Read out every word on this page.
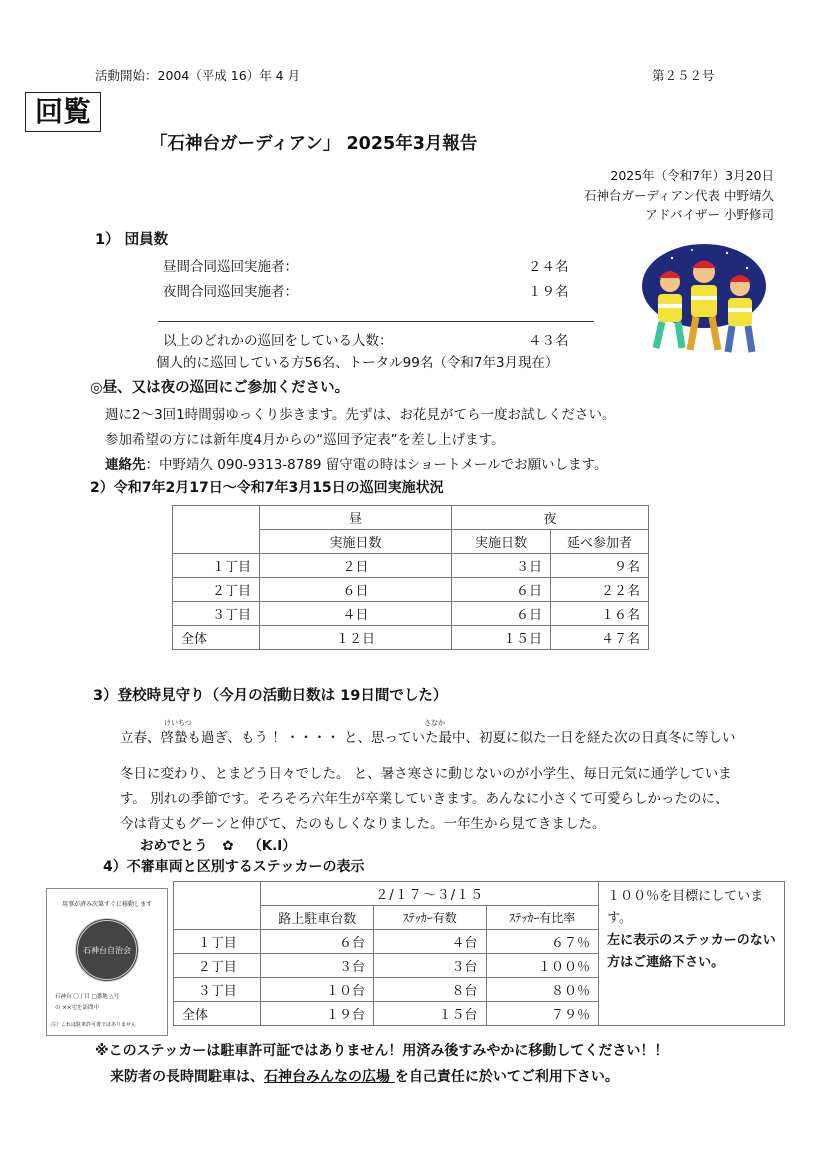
活動開始：2004（平成 16）年 4 月	第２５２号
回覧
「石神台ガーディアン」 2025年3月報告
2025年（令和7年）3月20日
石神台ガーディアン代表 中野靖久
アドバイザー 小野修司
1） 団員数
昼間合同巡回実施者：	２４名
夜間合同巡回実施者：	１９名
以上のどれかの巡回をしている人数：	４３名
個人的に巡回している方56名、トータル99名（令和7年3月現在）
◎昼、又は夜の巡回にご参加ください。
週に2～3回1時間弱ゆっくり歩きます。先ずは、お花見がてら一度お試しください。
参加希望の方には新年度4月からの“巡回予定表”を差し上げます。
連絡先：中野靖久 090-9313-8789 留守電の時はショートメールでお願いします。
2）令和7年2月17日～令和7年3月15日の巡回実施状況
	昼	夜	
	実施日数	実施日数	延べ参加者
１丁目	２日	３日	９名
２丁目	６日	６日	２２名
３丁目	４日	６日	１６名
全体	１２日	１５日	４７名
3）登校時見守り（今月の活動日数は 19日間でした）
けいちつ	さなか
立春、啓蟄も過ぎ、もう ！・・・・ と、思っていた最中、初夏に似た一日を経た次の日真冬に等しい
冬日に変わり、とまどう日々でした。 と、暑さ寒さに動じないのが小学生、毎日元気に通学していま
す。 別れの季節です。そろそろ六年生が卒業していきます。あんなに小さくて可愛らしかったのに、
今は背丈もグーンと伸びて、たのもしくなりました。一年生から見てきました。
おめでとう ✿ （K.I）
4）不審車両と区別するステッカーの表示
用事が済み次第すぐに移動します
石神台自治会
石神台 〇丁目 □番地 △号
の ××宅を訪問中
注）これは駐車許可書ではありません
	２/１７～３/１５			１００％を目標にしています。
左に表示のステッカーのない方はご連絡下さい。
	路上駐車台数	ｽﾃｯｶｰ有数	ｽﾃｯｶｰ有比率	
１丁目	６台	４台	６７％	
２丁目	３台	３台	１００％	
３丁目	１０台	８台	８０％	
全体	１９台	１５台	７９％	
※このステッカーは駐車許可証ではありません！用済み後すみやかに移動してください！！
来防者の長時間駐車は、石神台みんなの広場 を自己責任に於いてご利用下さい。
